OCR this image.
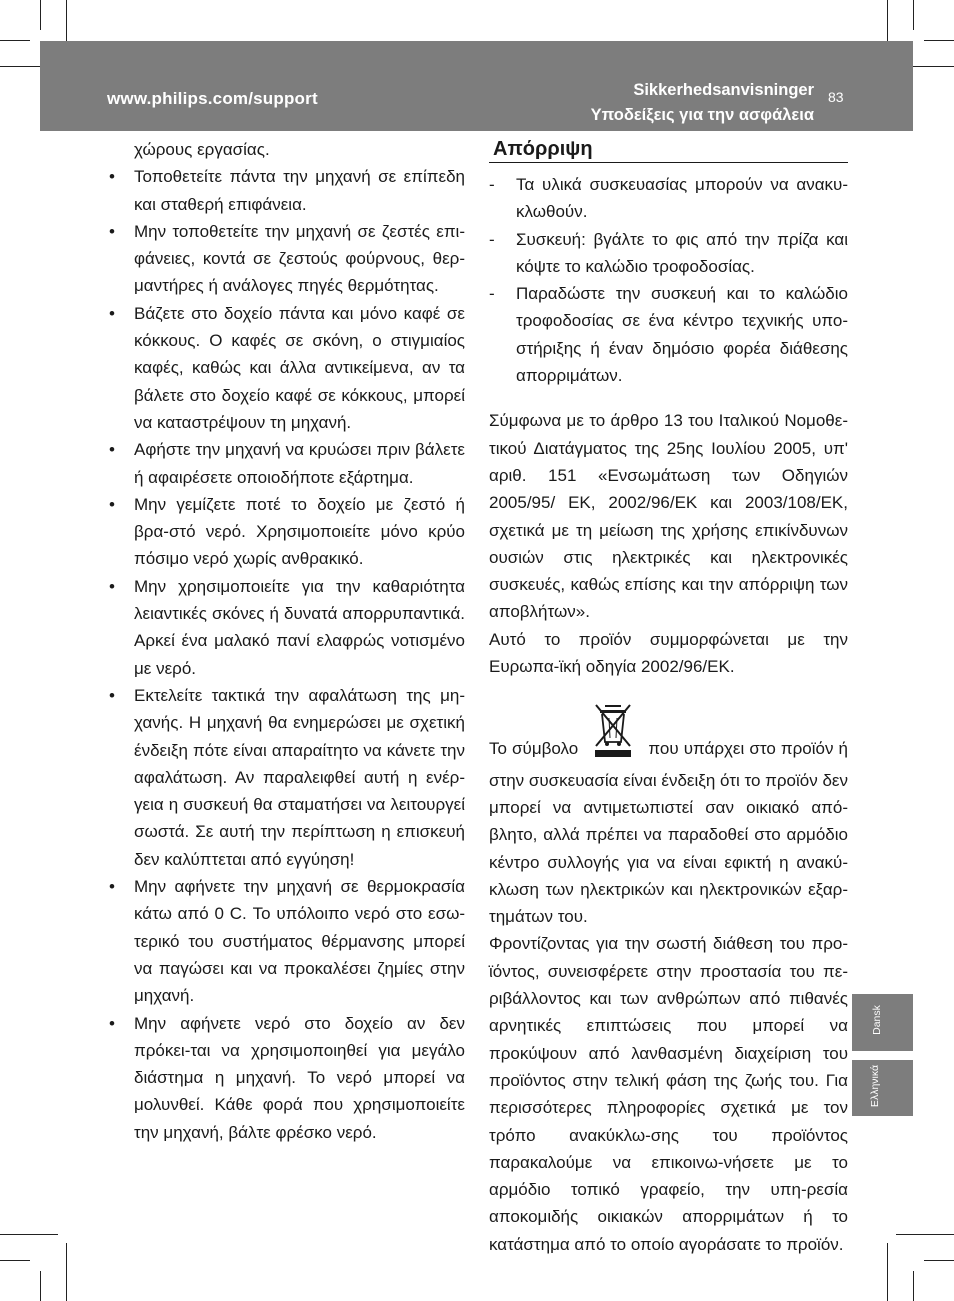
www.philips.com/support	Sikkerhedsanvisninger
Υποδείξεις για την ασφάλεια
83
χώρους εργασίας.
• Τοποθετείτε πάντα την μηχανή σε επίπεδη και σταθερή επιφάνεια.
• Μην τοποθετείτε την μηχανή σε ζεστές επι-φάνειες, κοντά σε ζεστούς φούρνους, θερ-μαντήρες ή ανάλογες πηγές θερμότητας.
• Βάζετε στο δοχείο πάντα και μόνο καφέ σε κόκκους. Ο καφές σε σκόνη, ο στιγμιαίος καφές, καθώς και άλλα αντικείμενα, αν τα βάλετε στο δοχείο καφέ σε κόκκους, μπορεί να καταστρέψουν τη μηχανή.
• Αφήστε την μηχανή να κρυώσει πριν βάλετε ή αφαιρέσετε οποιοδήποτε εξάρτημα.
• Μην γεμίζετε ποτέ το δοχείο με ζεστό ή βρα-στό νερό. Χρησιμοποιείτε μόνο κρύο πόσιμο νερό χωρίς ανθρακικό.
• Μην χρησιμοποιείτε για την καθαριότητα λειαντικές σκόνες ή δυνατά απορρυπαντικά. Αρκεί ένα μαλακό πανί ελαφρώς νοτισμένο με νερό.
• Εκτελείτε τακτικά την αφαλάτωση της μη-χανής. Η μηχανή θα ενημερώσει με σχετική ένδειξη πότε είναι απαραίτητο να κάνετε την αφαλάτωση. Αν παραλειφθεί αυτή η ενέρ-γεια η συσκευή θα σταματήσει να λειτουργεί σωστά. Σε αυτή την περίπτωση η επισκευή δεν καλύπτεται από εγγύηση!
• Μην αφήνετε την μηχανή σε θερμοκρασία κάτω από 0 C. Το υπόλοιπο νερό στο εσω-τερικό του συστήματος θέρμανσης μπορεί να παγώσει και να προκαλέσει ζημίες στην μηχανή.
• Μην αφήνετε νερό στο δοχείο αν δεν πρόκει-ται να χρησιμοποιηθεί για μεγάλο διάστημα η μηχανή. Το νερό μπορεί να μολυνθεί. Κάθε φορά που χρησιμοποιείτε την μηχανή, βάλτε φρέσκο νερό.
Απόρριψη
- Τα υλικά συσκευασίας μπορούν να ανακυ-κλωθούν.
- Συσκευή: βγάλτε το φις από την πρίζα και κόψτε το καλώδιο τροφοδοσίας.
- Παραδώστε την συσκευή και το καλώδιο τροφοδοσίας σε ένα κέντρο τεχνικής υπο-στήριξης ή έναν δημόσιο φορέα διάθεσης απορριμάτων.

Σύμφωνα με το άρθρο 13 του Ιταλικού Νομοθε-τικού Διατάγματος της 25ης Ιουλίου 2005, υπ' αριθ. 151 «Ενσωμάτωση των Οδηγιών 2005/95/ ΕΚ, 2002/96/ΕΚ και 2003/108/ΕΚ, σχετικά με τη μείωση της χρήσης επικίνδυνων ουσιών στις ηλεκτρικές και ηλεκτρονικές συσκευές, καθώς επίσης και την απόρριψη των αποβλήτων».

Αυτό το προϊόν συμμορφώνεται με την Ευρωπα-ϊκή οδηγία 2002/96/ΕΚ.

Το σύμβολο	που υπάρχει στο προϊόν ή στην συσκευασία είναι ένδειξη ότι το προϊόν δεν μπορεί να αντιμετωπιστεί σαν οικιακό από-βλητο, αλλά πρέπει να παραδοθεί στο αρμόδιο κέντρο συλλογής για να είναι εφικτή η ανακύ-κλωση των ηλεκτρικών και ηλεκτρονικών εξαρ-τημάτων του.

Φροντίζοντας για την σωστή διάθεση του προ-ϊόντος, συνεισφέρετε στην προστασία του πε-ριβάλλοντος και των ανθρώπων από πιθανές αρνητικές επιπτώσεις που μπορεί να προκύψουν από λανθασμένη διαχείριση του προϊόντος στην τελική φάση της ζωής του. Για περισσότερες πληροφορίες σχετικά με τον τρόπο ανακύκλω-σης του προϊόντος παρακαλούμε να επικοινω-νήσετε με το αρμόδιο τοπικό γραφείο, την υπη-ρεσία αποκομιδής οικιακών απορριμάτων ή το κατάστημα από το οποίο αγοράσατε το προϊόν.

Dansk
Ελληνικά
